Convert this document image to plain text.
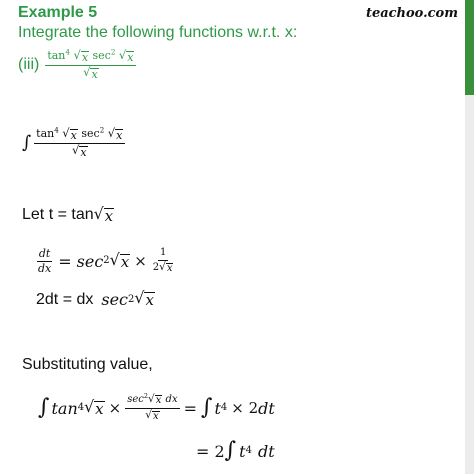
Example 5
Integrate the following functions w.r.t. x:
teachoo.com
$(iii) \frac{\tan^4 √ x \sec^2 √ x}{√ x}$
∫ $\frac{\tan^4 √ x \sec^2 √ x}{√ x}$
Let t = tan √ x
$\frac{dt}{dx} = \sec 2$ √ $x \times \frac{1}{2 √ x}$
2dt = dx sec 2 √ x
Substituting value,
∫ tan 4 √ $x \times \frac{\sec^2 √ x dx}{√ x}$ = ∫ t 4 × 2 dt
= 2 ∫ t 4 dt
